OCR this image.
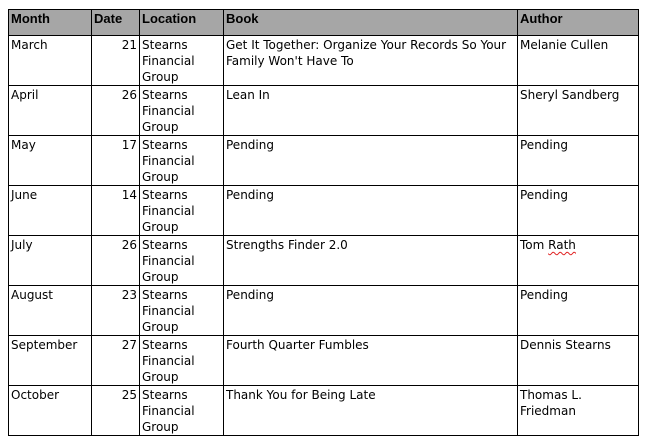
Month	Date	Location	Book	Author
March	21	Stearns Financial Group	Get It Together: Organize Your Records So Your Family Won't Have To	Melanie Cullen
April	26	Stearns Financial Group	Lean In	Sheryl Sandberg
May	17	Stearns Financial Group	Pending	Pending
June	14	Stearns Financial Group	Pending	Pending
July	26	Stearns Financial Group	Strengths Finder 2.0	Tom Rath
August	23	Stearns Financial Group	Pending	Pending
September	27	Stearns Financial Group	Fourth Quarter Fumbles	Dennis Stearns
October	25	Stearns Financial Group	Thank You for Being Late	Thomas L. Friedman
